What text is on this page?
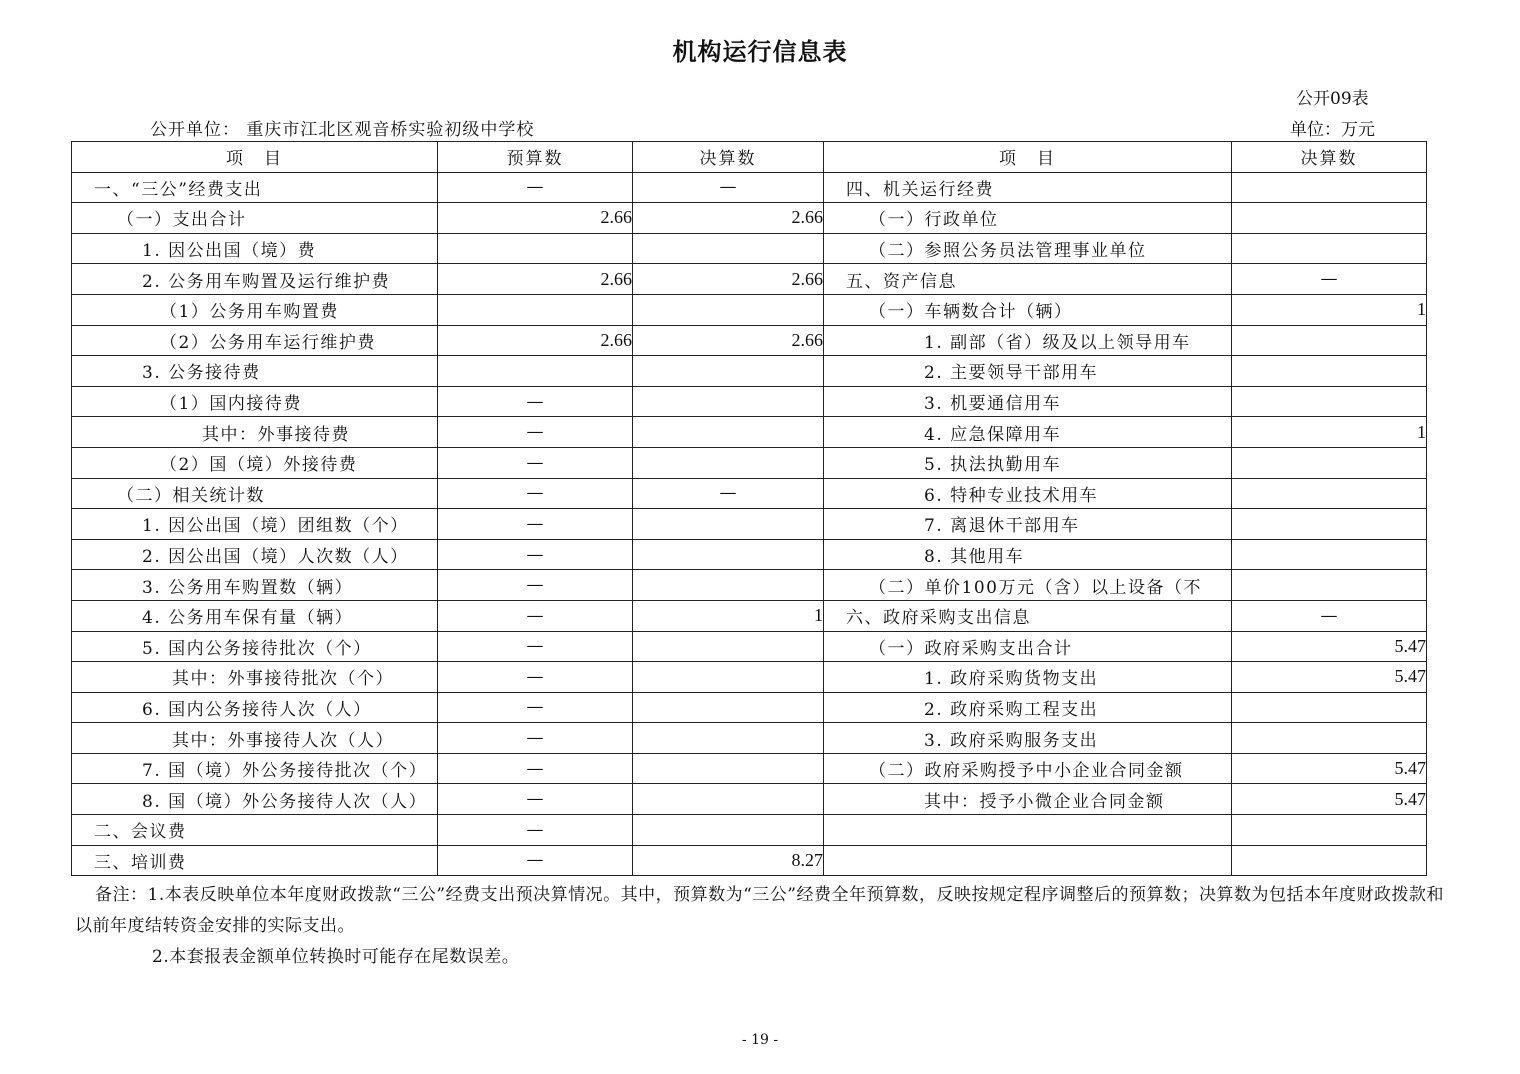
机构运行信息表
公开09表
公开单位： 重庆市江北区观音桥实验初级中学校	单位：万元
项　目	预算数	决算数	项　目	决算数
一、“三公”经费支出	—	—	四、机关运行经费	
（一）支出合计	2.66	2.66	（一）行政单位	
1. 因公出国（境）费			（二）参照公务员法管理事业单位	
2. 公务用车购置及运行维护费	2.66	2.66	五、资产信息	—
（1）公务用车购置费			（一）车辆数合计（辆）	1
（2）公务用车运行维护费	2.66	2.66	1. 副部（省）级及以上领导用车	
3. 公务接待费			2. 主要领导干部用车	
（1）国内接待费	—		3. 机要通信用车	
其中：外事接待费	—		4. 应急保障用车	1
（2）国（境）外接待费	—		5. 执法执勤用车	
（二）相关统计数	—	—	6. 特种专业技术用车	
1. 因公出国（境）团组数（个）	—		7. 离退休干部用车	
2. 因公出国（境）人次数（人）	—		8. 其他用车	
3. 公务用车购置数（辆）	—		（二）单价100万元（含）以上设备（不	
4. 公务用车保有量（辆）	—	1	六、政府采购支出信息	—
5. 国内公务接待批次（个）	—		（一）政府采购支出合计	5.47
其中：外事接待批次（个）	—		1. 政府采购货物支出	5.47
6. 国内公务接待人次（人）	—		2. 政府采购工程支出	
其中：外事接待人次（人）	—		3. 政府采购服务支出	
7. 国（境）外公务接待批次（个）	—		（二）政府采购授予中小企业合同金额	5.47
8. 国（境）外公务接待人次（人）	—		其中：授予小微企业合同金额	5.47
二、会议费	—			
三、培训费	—	8.27		
备注：1.本表反映单位本年度财政拨款“三公”经费支出预决算情况。其中，预算数为“三公”经费全年预算数，反映按规定程序调整后的预算数；决算数为包括本年度财政拨款和以前年度结转资金安排的实际支出。
2.本套报表金额单位转换时可能存在尾数误差。
- 19 -
